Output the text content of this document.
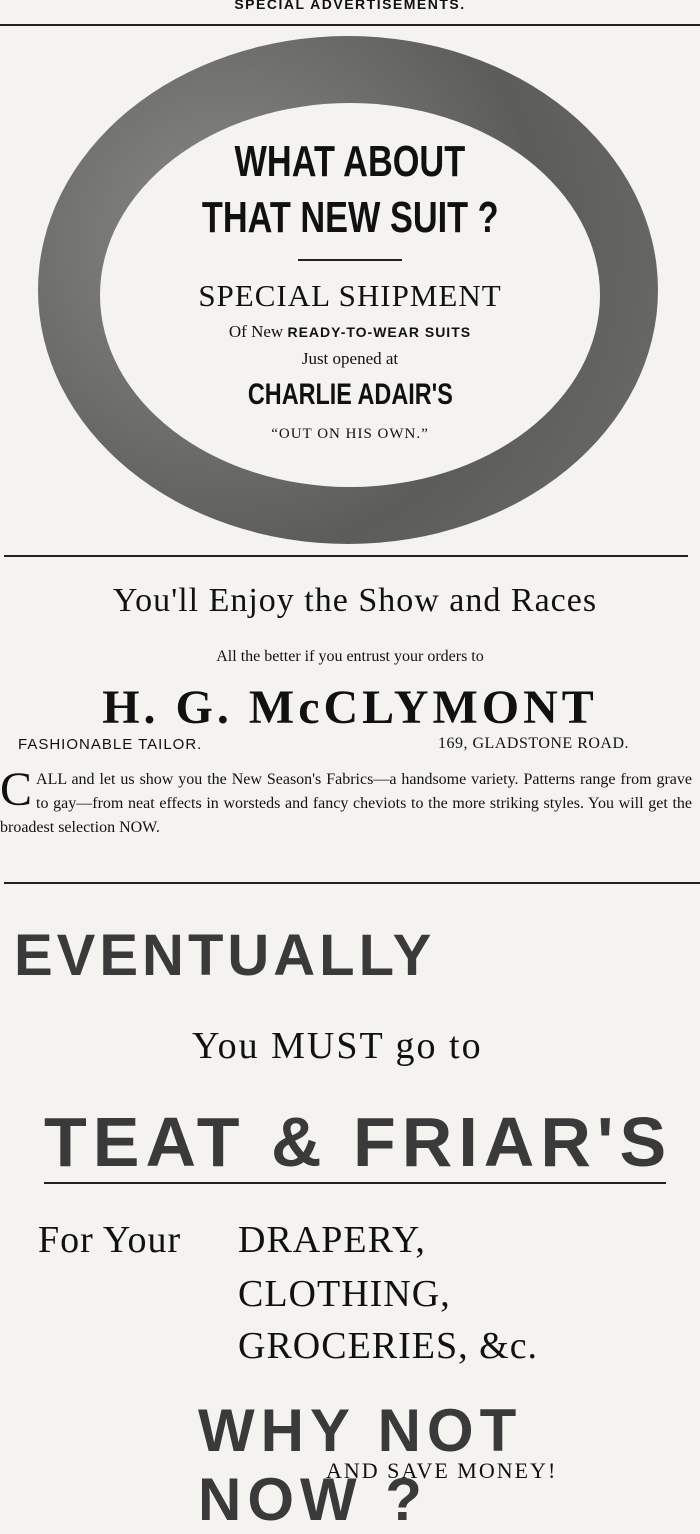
SPECIAL ADVERTISEMENTS.
WHAT ABOUT
THAT NEW SUIT ?
SPECIAL SHIPMENT
Of New READY-TO-WEAR SUITS
Just opened at
CHARLIE ADAIR'S
“OUT ON HIS OWN.”
You'll Enjoy the Show and Races
All the better if you entrust your orders to
H. G. McCLYMONT
FASHIONABLE TAILOR.	169, GLADSTONE ROAD.
C ALL and let us show you the New Season's Fabrics—a handsome variety. Patterns range from grave to gay—from neat effects in worsteds and fancy cheviots to the more striking styles. You will get the broadest selection NOW.
EVENTUALLY
You MUST go to
TEAT & FRIAR'S
For Your DRAPERY,
CLOTHING,
GROCERIES, &c.
WHY NOT NOW ?
AND SAVE MONEY!
